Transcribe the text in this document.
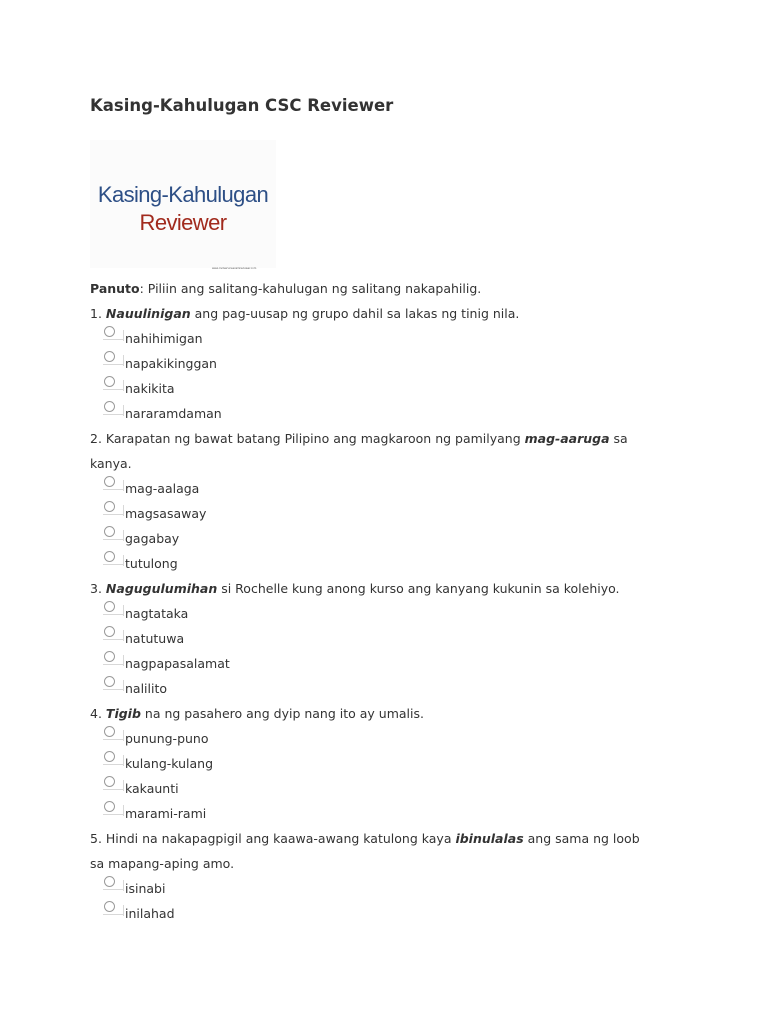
Kasing-Kahulugan CSC Reviewer
Kasing-Kahulugan
Reviewer
www.civilserviceexamreviewer.com

Panuto: Piliin ang salitang-kahulugan ng salitang nakapahilig.

1. Nauulinigan ang pag-uusap ng grupo dahil sa lakas ng tinig nila.

nahihimigan
napakikinggan
nakikita
nararamdaman

2. Karapatan ng bawat batang Pilipino ang magkaroon ng pamilyang mag-aaruga sa

kanya.

mag-aalaga
magsasaway
gagabay
tutulong

3. Nagugulumihan si Rochelle kung anong kurso ang kanyang kukunin sa kolehiyo.

nagtataka
natutuwa
nagpapasalamat
nalilito

4. Tigib na ng pasahero ang dyip nang ito ay umalis.

punung-puno
kulang-kulang
kakaunti
marami-rami

5. Hindi na nakapagpigil ang kaawa-awang katulong kaya ibinulalas ang sama ng loob

sa mapang-aping amo.

isinabi
inilahad
